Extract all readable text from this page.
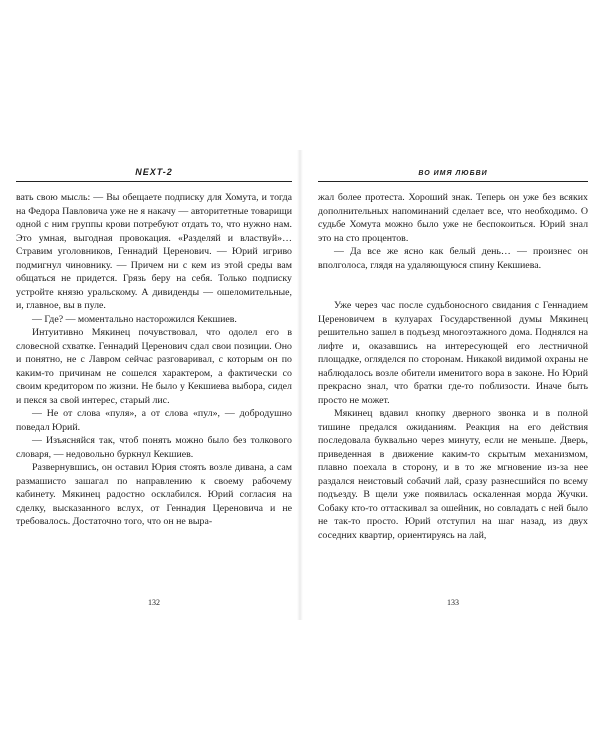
NEXT-2

вать свою мысль: — Вы обещаете подписку для Хомута, и тогда на Федора Павловича уже не я накачу — авторитетные товарищи одной с ним группы крови потребуют отдать то, что нужно нам. Это умная, выгодная провокация. «Разделяй и властвуй»… Стравим уголовников, Геннадий Церенович. — Юрий игриво подмигнул чиновнику. — Причем ни с кем из этой среды вам общаться не придется. Грязь беру на себя. Только подписку устройте князю уральскому. А дивиденды — ошеломительные, и, главное, вы в пуле.

— Где? — моментально насторожился Кекшиев.

Интуитивно Мякинец почувствовал, что одолел его в словесной схватке. Геннадий Церенович сдал свои позиции. Оно и понятно, не с Лавром сейчас разговаривал, с которым он по каким-то причинам не сошелся характером, а фактически со своим кредитором по жизни. Не было у Кекшиева выбора, сидел и пекся за свой интерес, старый лис.

— Не от слова «пуля», а от слова «пул», — добродушно поведал Юрий.

— Изъясняйся так, чтоб понять можно было без толкового словаря, — недовольно буркнул Кекшиев.

Развернувшись, он оставил Юрия стоять возле дивана, а сам размашисто зашагал по направлению к своему рабочему кабинету. Мякинец радостно осклабился. Юрий согласия на сделку, высказанного вслух, от Геннадия Цереновича и не требовалось. Достаточно того, что он не выра-

132
ВО ИМЯ ЛЮБВИ

жал более протеста. Хороший знак. Теперь он уже без всяких дополнительных напоминаний сделает все, что необходимо. О судьбе Хомута можно было уже не беспокоиться. Юрий знал это на сто процентов.

— Да все же ясно как белый день… — произнес он вполголоса, глядя на удаляющуюся спину Кекшиева.

Уже через час после судьбоносного свидания с Геннадием Цереновичем в кулуарах Государственной думы Мякинец решительно зашел в подъезд многоэтажного дома. Поднялся на лифте и, оказавшись на интересующей его лестничной площадке, огляделся по сторонам. Никакой видимой охраны не наблюдалось возле обители именитого вора в законе. Но Юрий прекрасно знал, что братки где-то поблизости. Иначе быть просто не может.

Мякинец вдавил кнопку дверного звонка и в полной тишине предался ожиданиям. Реакция на его действия последовала буквально через минуту, если не меньше. Дверь, приведенная в движение каким-то скрытым механизмом, плавно поехала в сторону, и в то же мгновение из-за нее раздался неистовый собачий лай, сразу разнесшийся по всему подъезду. В щели уже появилась оскаленная морда Жучки. Собаку кто-то оттаскивал за ошейник, но совладать с ней было не так-то просто. Юрий отступил на шаг назад, из двух соседних квартир, ориентируясь на лай,

133
